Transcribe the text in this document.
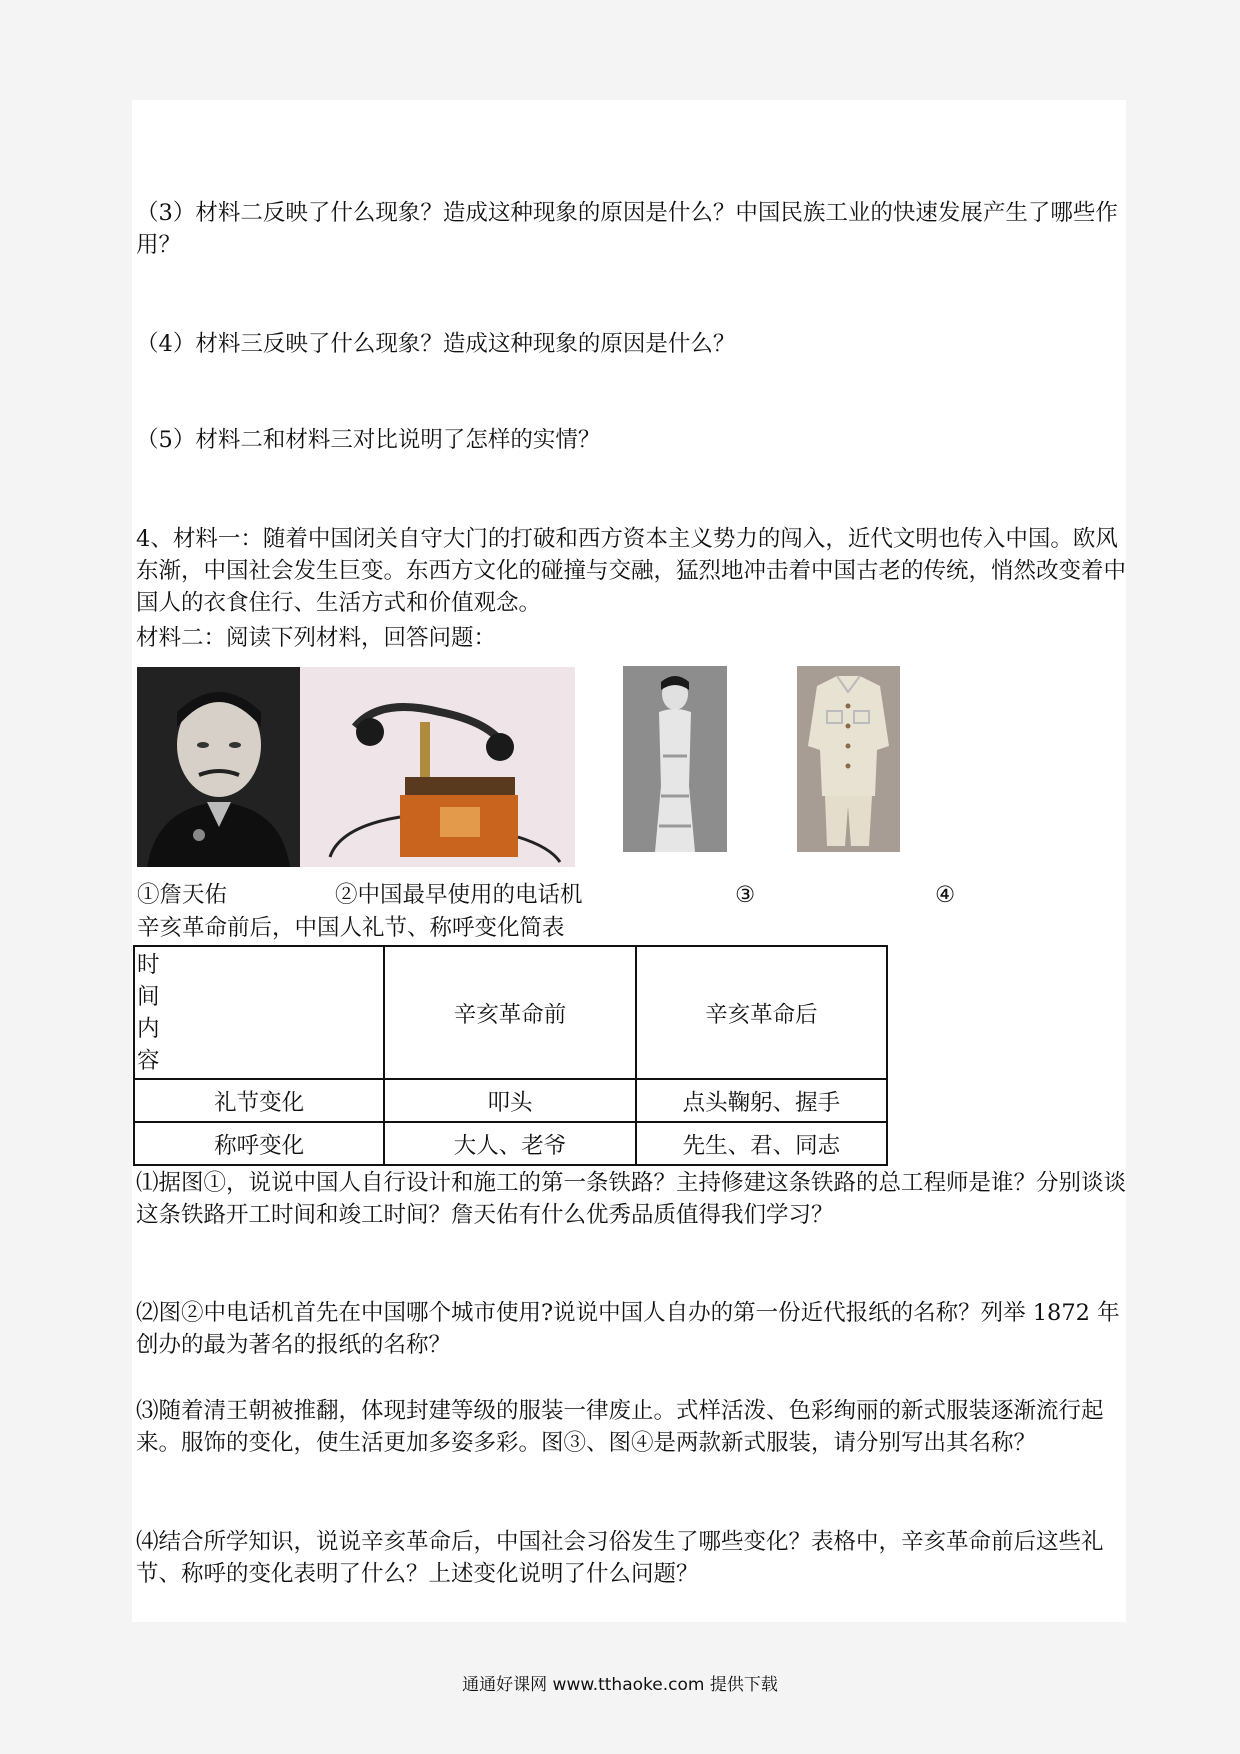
（3）材料二反映了什么现象？造成这种现象的原因是什么？中国民族工业的快速发展产生了哪些作用？

（4）材料三反映了什么现象？造成这种现象的原因是什么？

（5）材料二和材料三对比说明了怎样的实情？

4、材料一：随着中国闭关自守大门的打破和西方资本主义势力的闯入，近代文明也传入中国。欧风东渐，中国社会发生巨变。东西方文化的碰撞与交融，猛烈地冲击着中国古老的传统，悄然改变着中国人的衣食住行、生活方式和价值观念。

材料二：阅读下列材料，回答问题：

①詹天佑	②中国最早使用的电话机	③	④

辛亥革命前后，中国人礼节、称呼变化简表

时
间
内
容	辛亥革命前	辛亥革命后
礼节变化	叩头	点头鞠躬、握手
称呼变化	大人、老爷	先生、君、同志

⑴据图①，说说中国人自行设计和施工的第一条铁路？主持修建这条铁路的总工程师是谁？分别谈谈这条铁路开工时间和竣工时间？詹天佑有什么优秀品质值得我们学习？

⑵图②中电话机首先在中国哪个城市使用?说说中国人自办的第一份近代报纸的名称？列举 1872 年创办的最为著名的报纸的名称？

⑶随着清王朝被推翻，体现封建等级的服装一律废止。式样活泼、色彩绚丽的新式服装逐渐流行起来。服饰的变化，使生活更加多姿多彩。图③、图④是两款新式服装，请分别写出其名称？

⑷结合所学知识，说说辛亥革命后，中国社会习俗发生了哪些变化？表格中，辛亥革命前后这些礼节、称呼的变化表明了什么？上述变化说明了什么问题？

通通好课网 www.tthaoke.com 提供下载
